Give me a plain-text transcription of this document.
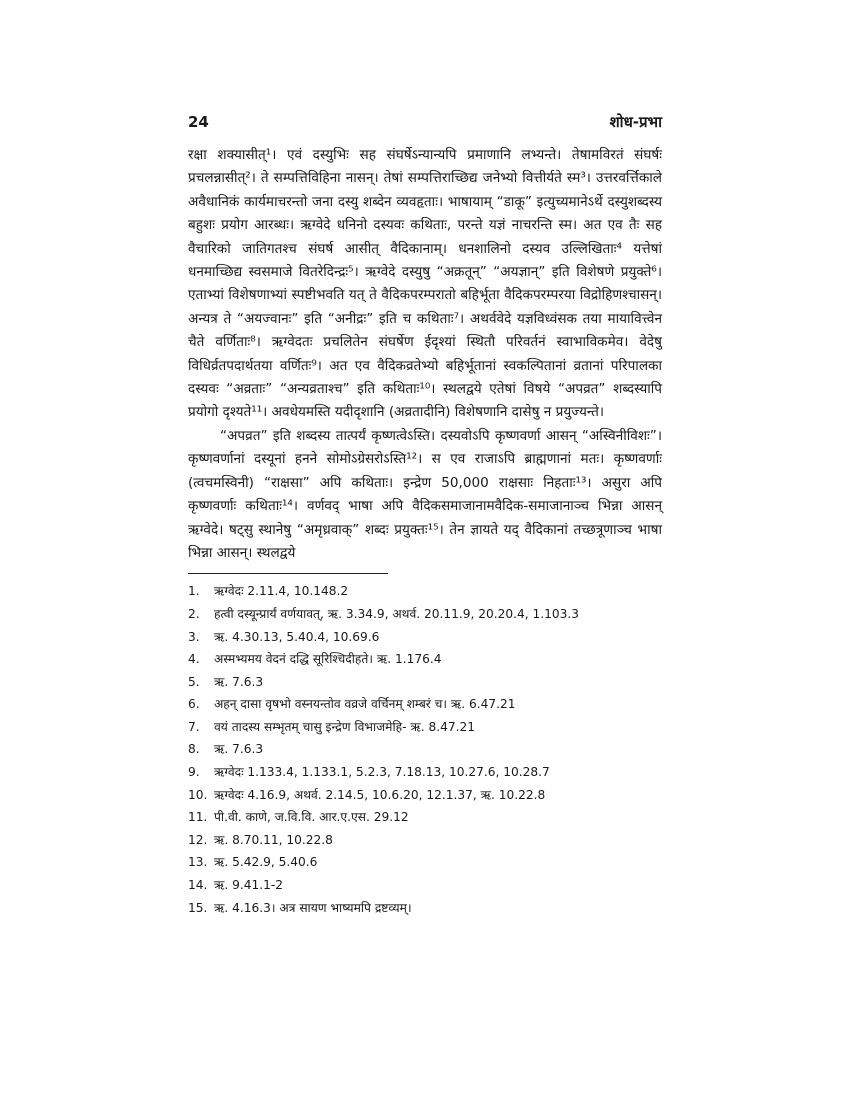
24	शोध-प्रभा

रक्षा शक्यासीत्¹। एवं दस्युभिः सह संघर्षेऽन्यान्यपि प्रमाणानि लभ्यन्ते। तेषामविरतं संघर्षः प्रचलन्नासीत्²। ते सम्पत्तिविहिना नासन्। तेषां सम्पत्तिराच्छिद्य जनेभ्यो वित्तीर्यते स्म³। उत्तरवर्त्तिकाले अवैधानिकं कार्यमाचरन्तो जना दस्यु शब्देन व्यवहृताः। भाषायाम् “डाकू” इत्युच्यमानेऽर्थे दस्युशब्दस्य बहुशः प्रयोग आरब्धः। ऋग्वेदे धनिनो दस्यवः कथिताः, परन्ते यज्ञं नाचरन्ति स्म। अत एव तैः सह वैचारिको जातिगतश्च संघर्ष आसीत् वैदिकानाम्। धनशालिनो दस्यव उल्लिखिताः⁴ यत्तेषां धनमाच्छिद्य स्वसमाजे वितरेदिन्द्रः⁵। ऋग्वेदे दस्युषु “अक्रतून्” “अयज्ञान्” इति विशेषणे प्रयुक्ते⁶। एताभ्यां विशेषणाभ्यां स्पष्टीभवति यत् ते वैदिकपरम्परातो बहिर्भूता वैदिकपरम्परया विद्रोहिणश्चासन्। अन्यत्र ते “अयज्वानः” इति “अनीद्रः” इति च कथिताः⁷। अथर्ववेदे यज्ञविध्वंसक तया मायावित्त्वेन चैते वर्णिताः⁸। ऋग्वेदतः प्रचलितेन संघर्षेण ईदृश्यां स्थितौ परिवर्तनं स्वाभाविकमेव। वेदेषु विधिर्व्रतपदार्थतया वर्णितः⁹। अत एव वैदिकव्रतेभ्यो बहिर्भूतानां स्वकल्पितानां व्रतानां परिपालका दस्यवः “अव्रताः” “अन्यव्रताश्च” इति कथिताः¹⁰। स्थलद्वये एतेषां विषये “अपव्रत” शब्दस्यापि प्रयोगो दृश्यते¹¹। अवधेयमस्ति यदीदृशानि (अव्रतादीनि) विशेषणानि दासेषु न प्रयुज्यन्ते।

“अपव्रत” इति शब्दस्य तात्पर्यं कृष्णत्वेऽस्ति। दस्यवोऽपि कृष्णवर्णा आसन् “अस्विनीविशः”। कृष्णवर्णानां दस्यूनां हनने सोमोऽग्रेसरोऽस्ति¹²। स एव राजाऽपि ब्राह्मणानां मतः। कृष्णवर्णाः (त्वचमस्विनी) “राक्षसा” अपि कथिताः। इन्द्रेण 50,000 राक्षसाः निहताः¹³। असुरा अपि कृष्णवर्णाः कथिताः¹⁴। वर्णवद् भाषा अपि वैदिकसमाजानामवैदिक-समाजानाञ्च भिन्ना आसन् ऋग्वेदे। षट्सु स्थानेषु “अमृध्रवाक्” शब्दः प्रयुक्तः¹⁵। तेन ज्ञायते यद् वैदिकानां तच्छत्रूणाञ्च भाषा भिन्ना आसन्। स्थलद्वये

1.	ऋग्वेदः 2.11.4, 10.148.2
2.	हत्वी दस्यून्प्रार्यं वर्णयावत्, ऋ. 3.34.9, अथर्व. 20.11.9, 20.20.4, 1.103.3
3.	ऋ. 4.30.13, 5.40.4, 10.69.6
4.	अस्मभ्यमय वेदनं दद्धि सूरिश्चिदीहते। ऋ. 1.176.4
5.	ऋ. 7.6.3
6.	अहन् दासा वृषभो वस्नयन्तोव वव्रजे वर्चिनम् शम्बरं च। ऋ. 6.47.21
7.	वयं तादस्य सम्भृतम् चासु इन्द्रेण विभाजमेहि- ऋ. 8.47.21
8.	ऋ. 7.6.3
9.	ऋग्वेदः 1.133.4, 1.133.1, 5.2.3, 7.18.13, 10.27.6, 10.28.7
10. ऋग्वेदः 4.16.9, अथर्व. 2.14.5, 10.6.20, 12.1.37, ऋ. 10.22.8
11. पी.वी. काणे, ज.वि.वि. आर.ए.एस. 29.12
12. ऋ. 8.70.11, 10.22.8
13. ऋ. 5.42.9, 5.40.6
14. ऋ. 9.41.1-2
15. ऋ. 4.16.3। अत्र सायण भाष्यमपि द्रष्टव्यम्।
